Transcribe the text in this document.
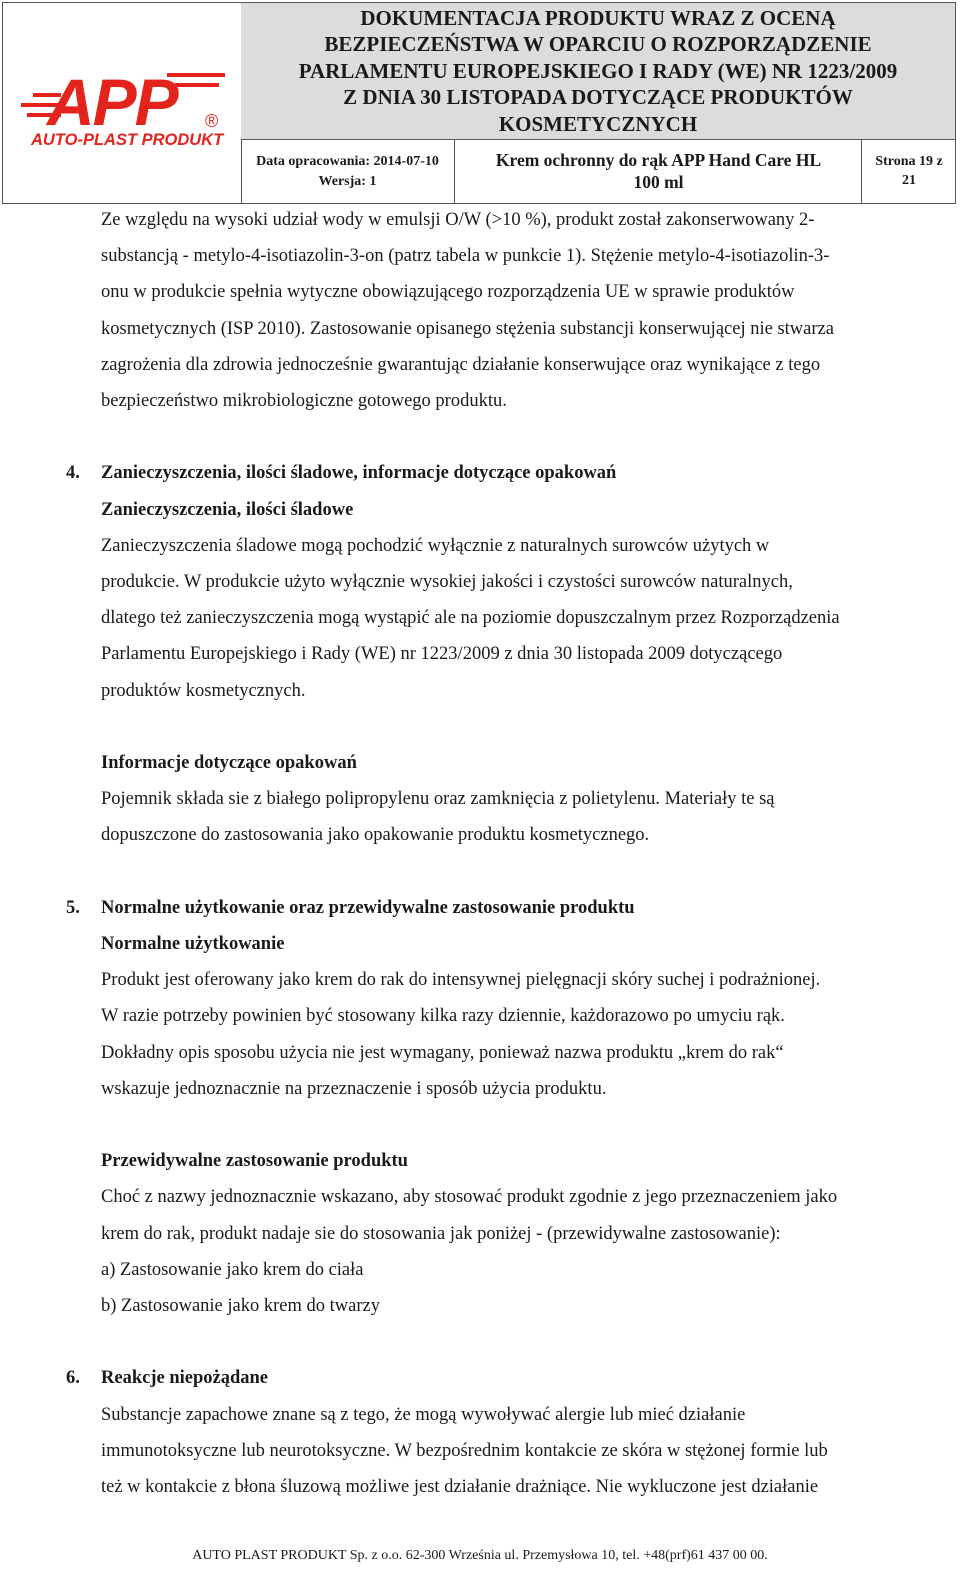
APP ®
AUTO-PLAST PRODUKT
DOKUMENTACJA PRODUKTU WRAZ Z OCENĄ
BEZPIECZEŃSTWA W OPARCIU O ROZPORZĄDZENIE
PARLAMENTU EUROPEJSKIEGO I RADY (WE) NR 1223/2009
Z DNIA 30 LISTOPADA DOTYCZĄCE PRODUKTÓW
KOSMETYCZNYCH
Data opracowania: 2014-07-10
Wersja: 1
Krem ochronny do rąk APP Hand Care HL
100 ml
Strona 19 z
21

Ze względu na wysoki udział wody w emulsji O/W (>10 %), produkt został zakonserwowany 2-

substancją - metylo-4-isotiazolin-3-on (patrz tabela w punkcie 1). Stężenie metylo-4-isotiazolin-3-

onu w produkcie spełnia wytyczne obowiązującego rozporządzenia UE w sprawie produktów

kosmetycznych (ISP 2010). Zastosowanie opisanego stężenia substancji konserwującej nie stwarza

zagrożenia dla zdrowia jednocześnie gwarantując działanie konserwujące oraz wynikające z tego

bezpieczeństwo mikrobiologiczne gotowego produktu.

4. Zanieczyszczenia, ilości śladowe, informacje dotyczące opakowań

Zanieczyszczenia, ilości śladowe

Zanieczyszczenia śladowe mogą pochodzić wyłącznie z naturalnych surowców użytych w

produkcie. W produkcie użyto wyłącznie wysokiej jakości i czystości surowców naturalnych,

dlatego też zanieczyszczenia mogą wystąpić ale na poziomie dopuszczalnym przez Rozporządzenia

Parlamentu Europejskiego i Rady (WE) nr 1223/2009 z dnia 30 listopada 2009 dotyczącego

produktów kosmetycznych.

Informacje dotyczące opakowań

Pojemnik składa sie z białego polipropylenu oraz zamknięcia z polietylenu. Materiały te są

dopuszczone do zastosowania jako opakowanie produktu kosmetycznego.

5. Normalne użytkowanie oraz przewidywalne zastosowanie produktu

Normalne użytkowanie

Produkt jest oferowany jako krem do rak do intensywnej pielęgnacji skóry suchej i podrażnionej.

W razie potrzeby powinien być stosowany kilka razy dziennie, każdorazowo po umyciu rąk.

Dokładny opis sposobu użycia nie jest wymagany, ponieważ nazwa produktu „krem do rak“

wskazuje jednoznacznie na przeznaczenie i sposób użycia produktu.

Przewidywalne zastosowanie produktu

Choć z nazwy jednoznacznie wskazano, aby stosować produkt zgodnie z jego przeznaczeniem jako

krem do rak, produkt nadaje sie do stosowania jak poniżej - (przewidywalne zastosowanie):

a) Zastosowanie jako krem do ciała

b) Zastosowanie jako krem do twarzy

6. Reakcje niepożądane

Substancje zapachowe znane są z tego, że mogą wywoływać alergie lub mieć działanie

immunotoksyczne lub neurotoksyczne. W bezpośrednim kontakcie ze skóra w stężonej formie lub

też w kontakcie z błona śluzową możliwe jest działanie drażniące. Nie wykluczone jest działanie

AUTO PLAST PRODUKT Sp. z o.o. 62-300 Września ul. Przemysłowa 10, tel. +48(prf)61 437 00 00.
